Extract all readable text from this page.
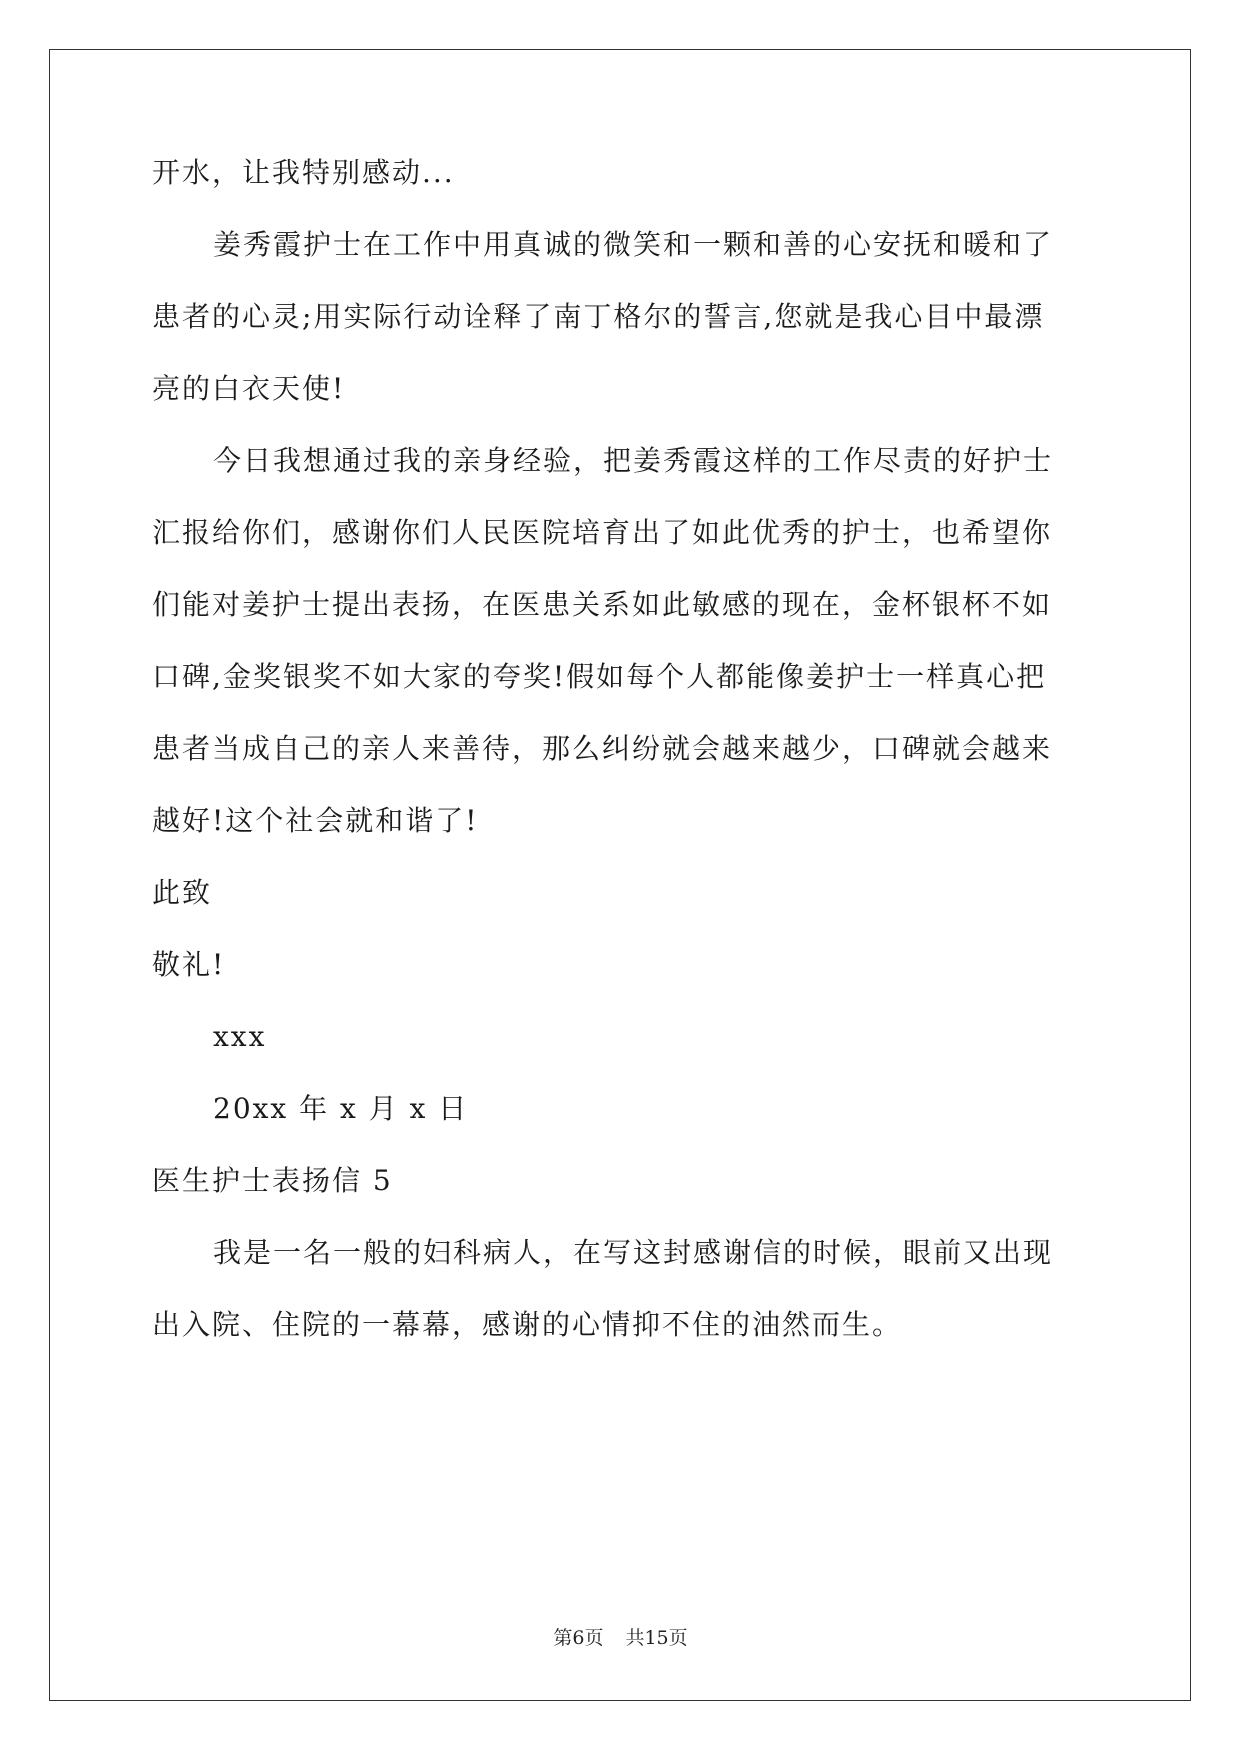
开水，让我特别感动...
姜秀霞护士在工作中用真诚的微笑和一颗和善的心安抚和暖和了
患者的心灵;用实际行动诠释了南丁格尔的誓言,您就是我心目中最漂
亮的白衣天使!
今日我想通过我的亲身经验，把姜秀霞这样的工作尽责的好护士
汇报给你们，感谢你们人民医院培育出了如此优秀的护士，也希望你
们能对姜护士提出表扬，在医患关系如此敏感的现在，金杯银杯不如
口碑,金奖银奖不如大家的夸奖!假如每个人都能像姜护士一样真心把
患者当成自己的亲人来善待，那么纠纷就会越来越少，口碑就会越来
越好!这个社会就和谐了!
此致
敬礼!
xxx
20xx 年 x 月 x 日
医生护士表扬信 5
我是一名一般的妇科病人，在写这封感谢信的时候，眼前又出现
出入院、住院的一幕幕，感谢的心情抑不住的油然而生。
第6页 共15页
